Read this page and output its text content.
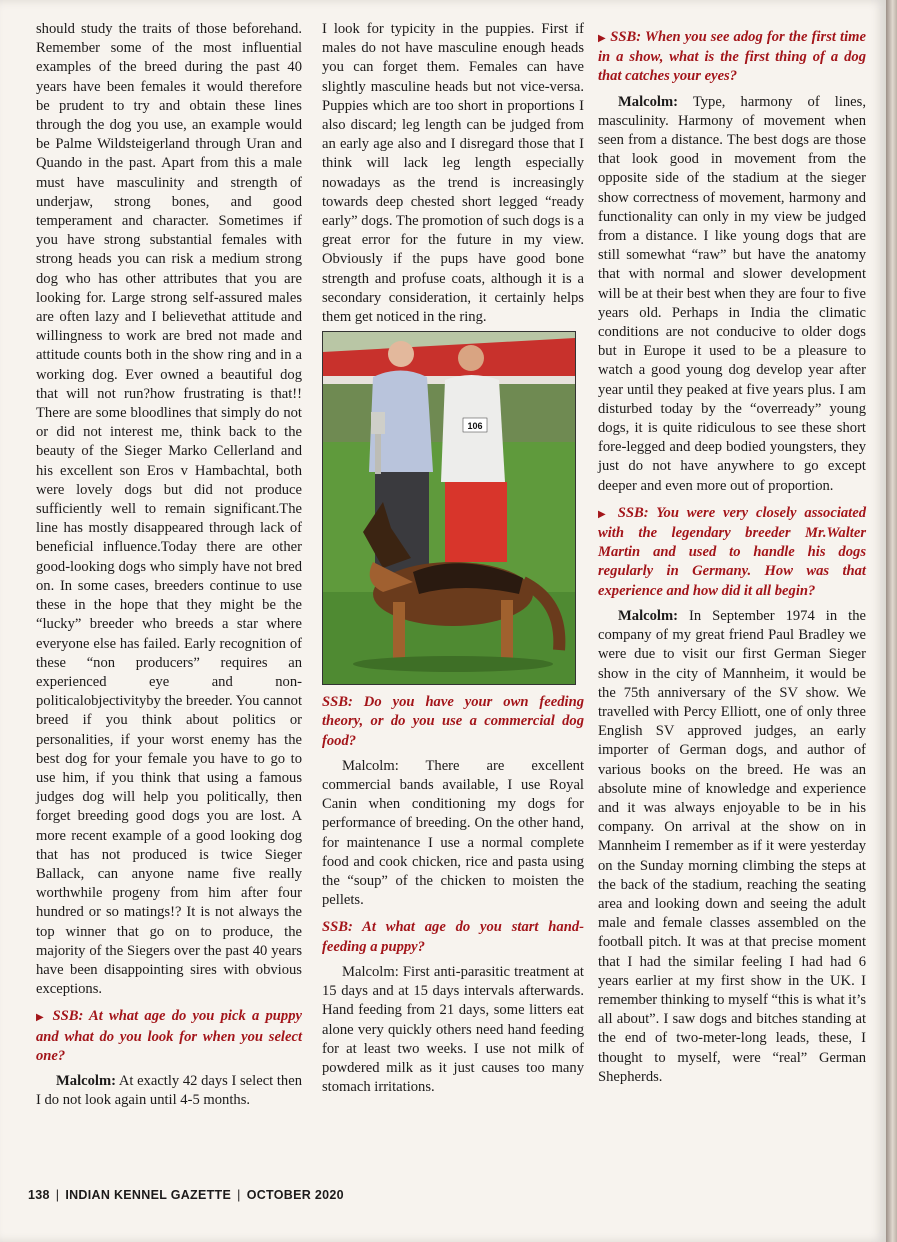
should study the traits of those beforehand. Remember some of the most influential examples of the breed during the past 40 years have been females it would therefore be prudent to try and obtain these lines through the dog you use, an example would be Palme Wildsteigerland through Uran and Quando in the past. Apart from this a male must have masculinity and strength of underjaw, strong bones, and good temperament and character. Sometimes if you have strong substantial females with strong heads you can risk a medium strong dog who has other attributes that you are looking for. Large strong self-assured males are often lazy and I believethat attitude and willingness to work are bred not made and attitude counts both in the show ring and in a working dog. Ever owned a beautiful dog that will not run?how frustrating is that!! There are some bloodlines that simply do not or did not interest me, think back to the beauty of the Sieger Marko Cellerland and his excellent son Eros v Hambachtal, both were lovely dogs but did not produce sufficiently well to remain significant.The line has mostly disappeared through lack of beneficial influence.Today there are other good-looking dogs who simply have not bred on. In some cases, breeders continue to use these in the hope that they might be the “lucky” breeder who breeds a star where everyone else has failed. Early recognition of these “non producers” requires an experienced eye and non-politicalobjectivityby the breeder. You cannot breed if you think about politics or personalities, if your worst enemy has the best dog for your female you have to go to use him, if you think that using a famous judges dog will help you politically, then forget breeding good dogs you are lost. A more recent example of a good looking dog that has not produced is twice Sieger Ballack, can anyone name five really worthwhile progeny from him after four hundred or so matings!? It is not always the top winner that go on to produce, the majority of the Siegers over the past 40 years have been disappointing sires with obvious exceptions.

▶ SSB: At what age do you pick a puppy and what do you look for when you select one?

Malcolm: At exactly 42 days I select then I do not look again until 4-5 months.

I look for typicity in the puppies. First if males do not have masculine enough heads you can forget them. Females can have slightly masculine heads but not vice-versa. Puppies which are too short in proportions I also discard; leg length can be judged from an early age also and I disregard those that I think will lack leg length especially nowadays as the trend is increasingly towards deep chested short legged “ready early” dogs. The promotion of such dogs is a great error for the future in my view. Obviously if the pups have good bone strength and profuse coats, although it is a secondary consideration, it certainly helps them get noticed in the ring.

106

SSB: Do you have your own feeding theory, or do you use a commercial dog food?

Malcolm: There are excellent commercial bands available, I use Royal Canin when conditioning my dogs for performance of breeding. On the other hand, for maintenance I use a normal complete food and cook chicken, rice and pasta using the “soup” of the chicken to moisten the pellets.

SSB: At what age do you start hand-feeding a puppy?

Malcolm: First anti-parasitic treatment at 15 days and at 15 days intervals afterwards. Hand feeding from 21 days, some litters eat alone very quickly others need hand feeding for at least two weeks. I use not milk of powdered milk as it just causes too many stomach irritations.

▶ SSB: When you see adog for the first time in a show, what is the first thing of a dog that catches your eyes?

Malcolm: Type, harmony of lines, masculinity. Harmony of movement when seen from a distance. The best dogs are those that look good in movement from the opposite side of the stadium at the sieger show correctness of movement, harmony and functionality can only in my view be judged from a distance. I like young dogs that are still somewhat “raw” but have the anatomy that with normal and slower development will be at their best when they are four to five years old. Perhaps in India the climatic conditions are not conducive to older dogs but in Europe it used to be a pleasure to watch a good young dog develop year after year until they peaked at five years plus. I am disturbed today by the “overready” young dogs, it is quite ridiculous to see these short fore-legged and deep bodied youngsters, they just do not have anywhere to go except deeper and even more out of proportion.

▶ SSB: You were very closely associated with the legendary breeder Mr.Walter Martin and used to handle his dogs regularly in Germany. How was that experience and how did it all begin?

Malcolm: In September 1974 in the company of my great friend Paul Bradley we were due to visit our first German Sieger show in the city of Mannheim, it would be the 75th anniversary of the SV show. We travelled with Percy Elliott, one of only three English SV approved judges, an early importer of German dogs, and author of various books on the breed. He was an absolute mine of knowledge and experience and it was always enjoyable to be in his company. On arrival at the show on in Mannheim I remember as if it were yesterday on the Sunday morning climbing the steps at the back of the stadium, reaching the seating area and looking down and seeing the adult male and female classes assembled on the football pitch. It was at that precise moment that I had the similar feeling I had had 6 years earlier at my first show in the UK. I remember thinking to myself “this is what it’s all about”. I saw dogs and bitches standing at the end of two-meter-long leads, these, I thought to myself, were “real” German Shepherds.

138 | INDIAN KENNEL GAZETTE | OCTOBER 2020
